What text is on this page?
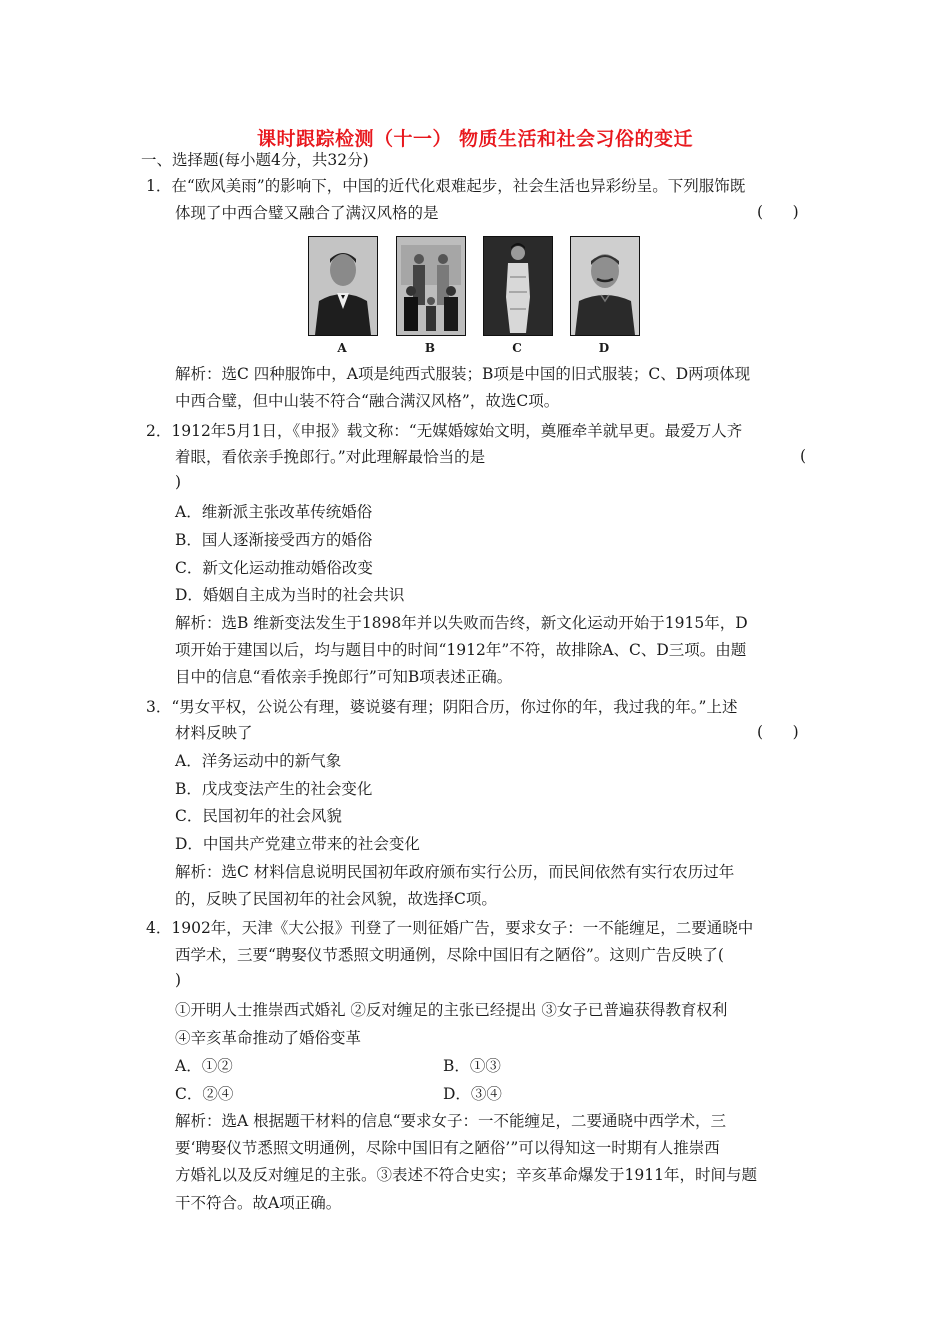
课时跟踪检测（十一） 物质生活和社会习俗的变迁
一、选择题(每小题4分，共32分)
1．在“欧风美雨”的影响下，中国的近代化艰难起步，社会生活也异彩纷呈。下列服饰既
体现了中西合璧又融合了满汉风格的是	(      )
A	B	C	D
解析：选C 四种服饰中，A项是纯西式服装；B项是中国的旧式服装；C、D两项体现
中西合璧，但中山装不符合“融合满汉风格”，故选C项。
2．1912年5月1日，《申报》载文称：“无媒婚嫁始文明，奠雁牵羊就早更。最爱万人齐
着眼，看依亲手挽郎行。”对此理解最恰当的是	(
)
A．维新派主张改革传统婚俗
B．国人逐渐接受西方的婚俗
C．新文化运动推动婚俗改变
D．婚姻自主成为当时的社会共识
解析：选B 维新变法发生于1898年并以失败而告终，新文化运动开始于1915年，D
项开始于建国以后，均与题目中的时间“1912年”不符，故排除A、C、D三项。由题
目中的信息“看侬亲手挽郎行”可知B项表述正确。
3．“男女平权，公说公有理，婆说婆有理；阴阳合历，你过你的年，我过我的年。”上述
材料反映了	(      )
A．洋务运动中的新气象
B．戊戌变法产生的社会变化
C．民国初年的社会风貌
D．中国共产党建立带来的社会变化
解析：选C 材料信息说明民国初年政府颁布实行公历，而民间依然有实行农历过年
的，反映了民国初年的社会风貌，故选择C项。
4．1902年，天津《大公报》刊登了一则征婚广告，要求女子：一不能缠足，二要通晓中
西学术，三要“聘娶仪节悉照文明通例，尽除中国旧有之陋俗”。这则广告反映了(
)
①开明人士推崇西式婚礼 ②反对缠足的主张已经提出 ③女子已普遍获得教育权利
④辛亥革命推动了婚俗变革
A．①②	B．①③
C．②④	D．③④
解析：选A 根据题干材料的信息“要求女子：一不能缠足，二要通晓中西学术，三
要‘聘娶仪节悉照文明通例，尽除中国旧有之陋俗’”可以得知这一时期有人推崇西
方婚礼以及反对缠足的主张。③表述不符合史实；辛亥革命爆发于1911年，时间与题
干不符合。故A项正确。
